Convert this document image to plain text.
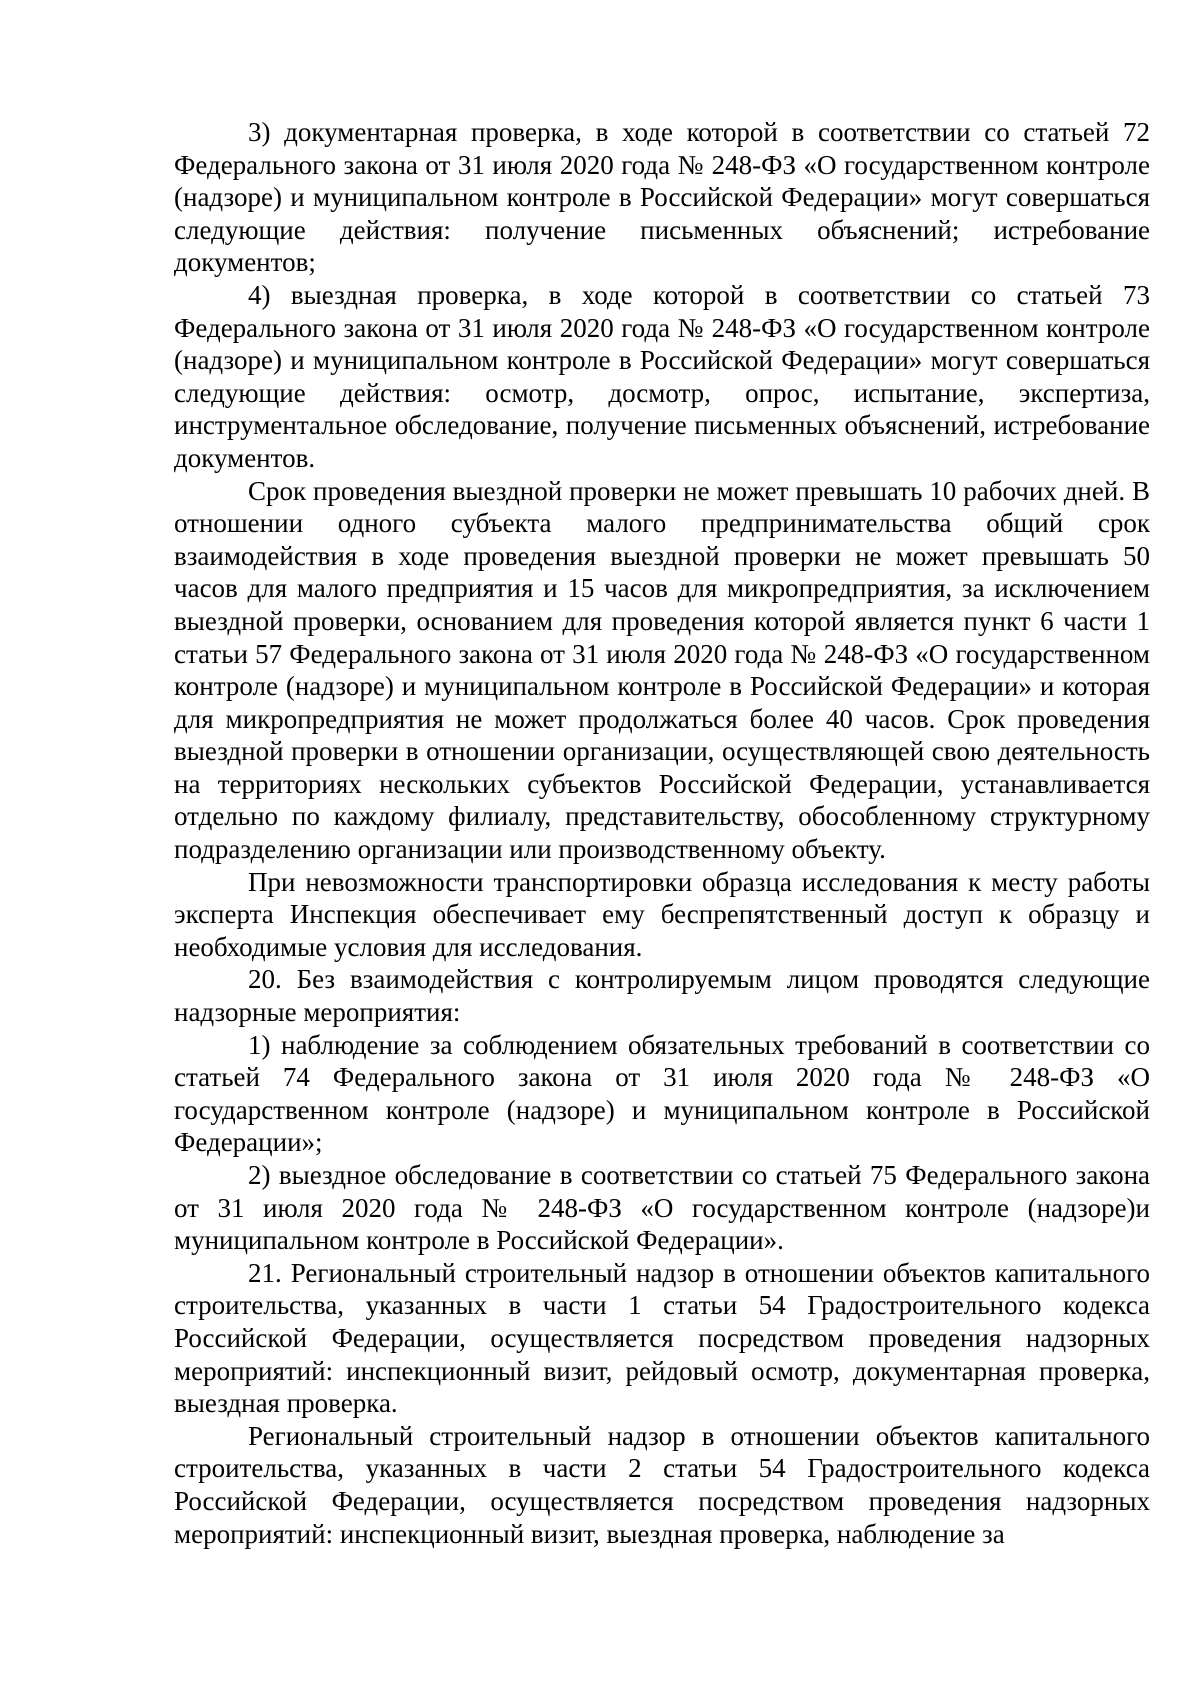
3) документарная проверка, в ходе которой в соответствии со статьей 72 Федерального закона от 31 июля 2020 года № 248-ФЗ «О государственном контроле (надзоре) и муниципальном контроле в Российской Федерации» могут совершаться следующие действия: получение письменных объяснений; истребование документов;

4) выездная проверка, в ходе которой в соответствии со статьей 73 Федерального закона от 31 июля 2020 года № 248-ФЗ «О государственном контроле (надзоре) и муниципальном контроле в Российской Федерации» могут совершаться следующие действия: осмотр, досмотр, опрос, испытание, экспертиза, инструментальное обследование, получение письменных объяснений, истребование документов.

Срок проведения выездной проверки не может превышать 10 рабочих дней. В отношении одного субъекта малого предпринимательства общий срок взаимодействия в ходе проведения выездной проверки не может превышать 50 часов для малого предприятия и 15 часов для микропредприятия, за исключением выездной проверки, основанием для проведения которой является пункт 6 части 1 статьи 57 Федерального закона от 31 июля 2020 года № 248-ФЗ «О государственном контроле (надзоре) и муниципальном контроле в Российской Федерации» и которая для микропредприятия не может продолжаться более 40 часов. Срок проведения выездной проверки в отношении организации, осуществляющей свою деятельность на территориях нескольких субъектов Российской Федерации, устанавливается отдельно по каждому филиалу, представительству, обособленному структурному подразделению организации или производственному объекту.

При невозможности транспортировки образца исследования к месту работы эксперта Инспекция обеспечивает ему беспрепятственный доступ к образцу и необходимые условия для исследования.

20. Без взаимодействия с контролируемым лицом проводятся следующие надзорные мероприятия:

1) наблюдение за соблюдением обязательных требований в соответствии со статьей 74 Федерального закона от 31 июля 2020 года № 248-ФЗ «О государственном контроле (надзоре) и муниципальном контроле в Российской Федерации»;

2) выездное обследование в соответствии со статьей 75 Федерального закона от 31 июля 2020 года № 248-ФЗ «О государственном контроле (надзоре)и муниципальном контроле в Российской Федерации».

21. Региональный строительный надзор в отношении объектов капитального строительства, указанных в части 1 статьи 54 Градостроительного кодекса Российской Федерации, осуществляется посредством проведения надзорных мероприятий: инспекционный визит, рейдовый осмотр, документарная проверка, выездная проверка.

Региональный строительный надзор в отношении объектов капитального строительства, указанных в части 2 статьи 54 Градостроительного кодекса Российской Федерации, осуществляется посредством проведения надзорных мероприятий: инспекционный визит, выездная проверка, наблюдение за
